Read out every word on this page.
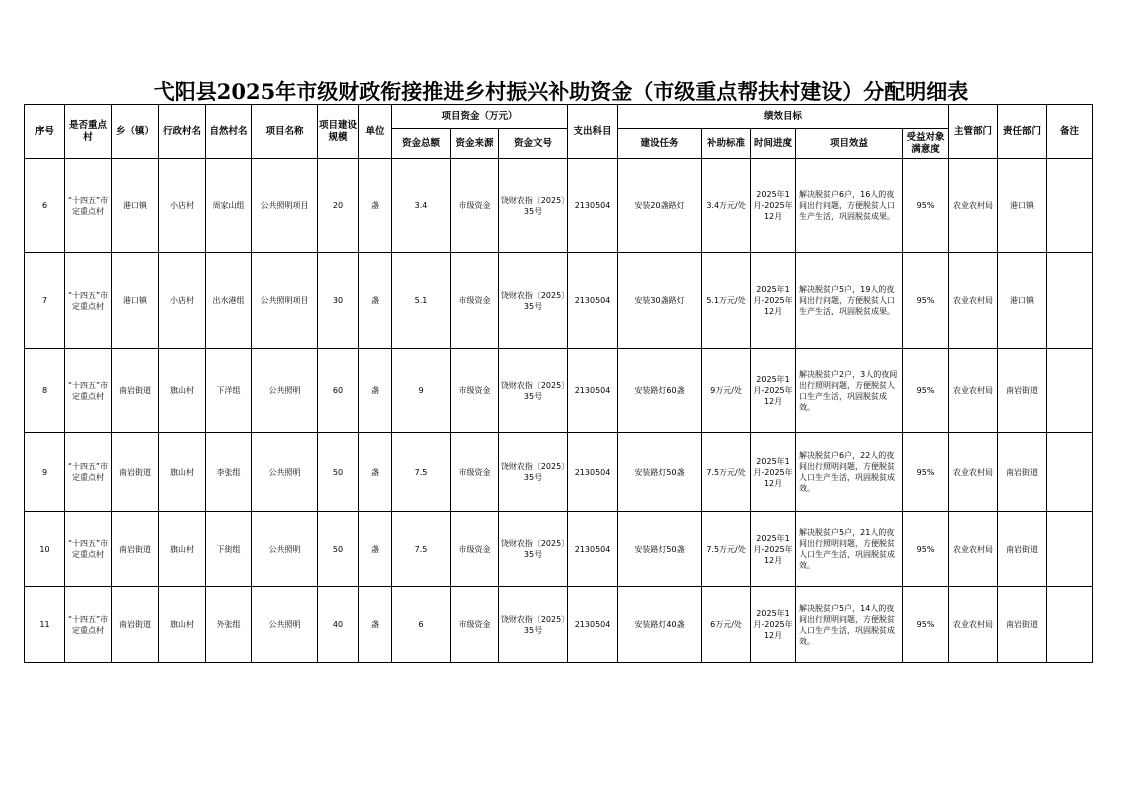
弋阳县2025年市级财政衔接推进乡村振兴补助资金（市级重点帮扶村建设）分配明细表
序号	是否重点村	乡（镇）	行政村名	自然村名	项目名称	项目建设规模	单位	项目资金（万元）			支出科目	绩效目标					主管部门	责任部门	备注
								资金总额	资金来源	资金文号		建设任务	补助标准	时间进度	项目效益	受益对象满意度			
6	“十四五”市定重点村	港口镇	小店村	周家山组	公共照明项目	20	盏	3.4	市级资金	饶财农指〔2025〕35号	2130504	安装20盏路灯	3.4万元/处	2025年1月-2025年12月	解决脱贫户6户，16人的夜间出行问题，方便脱贫人口生产生活，巩固脱贫成果。	95%	农业农村局	港口镇	
7	“十四五”市定重点村	港口镇	小店村	出水港组	公共照明项目	30	盏	5.1	市级资金	饶财农指〔2025〕35号	2130504	安装30盏路灯	5.1万元/处	2025年1月-2025年12月	解决脱贫户5户，19人的夜间出行问题，方便脱贫人口生产生活，巩固脱贫成果。	95%	农业农村局	港口镇	
8	“十四五”市定重点村	南岩街道	旗山村	下洋组	公共照明	60	盏	9	市级资金	饶财农指〔2025〕35号	2130504	安装路灯60盏	9万元/处	2025年1月-2025年12月	解决脱贫户2户，3人的夜间出行照明问题，方便脱贫人口生产生活，巩固脱贫成效。	95%	农业农村局	南岩街道	
9	“十四五”市定重点村	南岩街道	旗山村	李张组	公共照明	50	盏	7.5	市级资金	饶财农指〔2025〕35号	2130504	安装路灯50盏	7.5万元/处	2025年1月-2025年12月	解决脱贫户6户，22人的夜间出行照明问题，方便脱贫人口生产生活，巩固脱贫成效。	95%	农业农村局	南岩街道	
10	“十四五”市定重点村	南岩街道	旗山村	下街组	公共照明	50	盏	7.5	市级资金	饶财农指〔2025〕35号	2130504	安装路灯50盏	7.5万元/处	2025年1月-2025年12月	解决脱贫户5户，21人的夜间出行照明问题，方便脱贫人口生产生活，巩固脱贫成效。	95%	农业农村局	南岩街道	
11	“十四五”市定重点村	南岩街道	旗山村	外张组	公共照明	40	盏	6	市级资金	饶财农指〔2025〕35号	2130504	安装路灯40盏	6万元/处	2025年1月-2025年12月	解决脱贫户5户，14人的夜间出行照明问题，方便脱贫人口生产生活，巩固脱贫成效。	95%	农业农村局	南岩街道	
